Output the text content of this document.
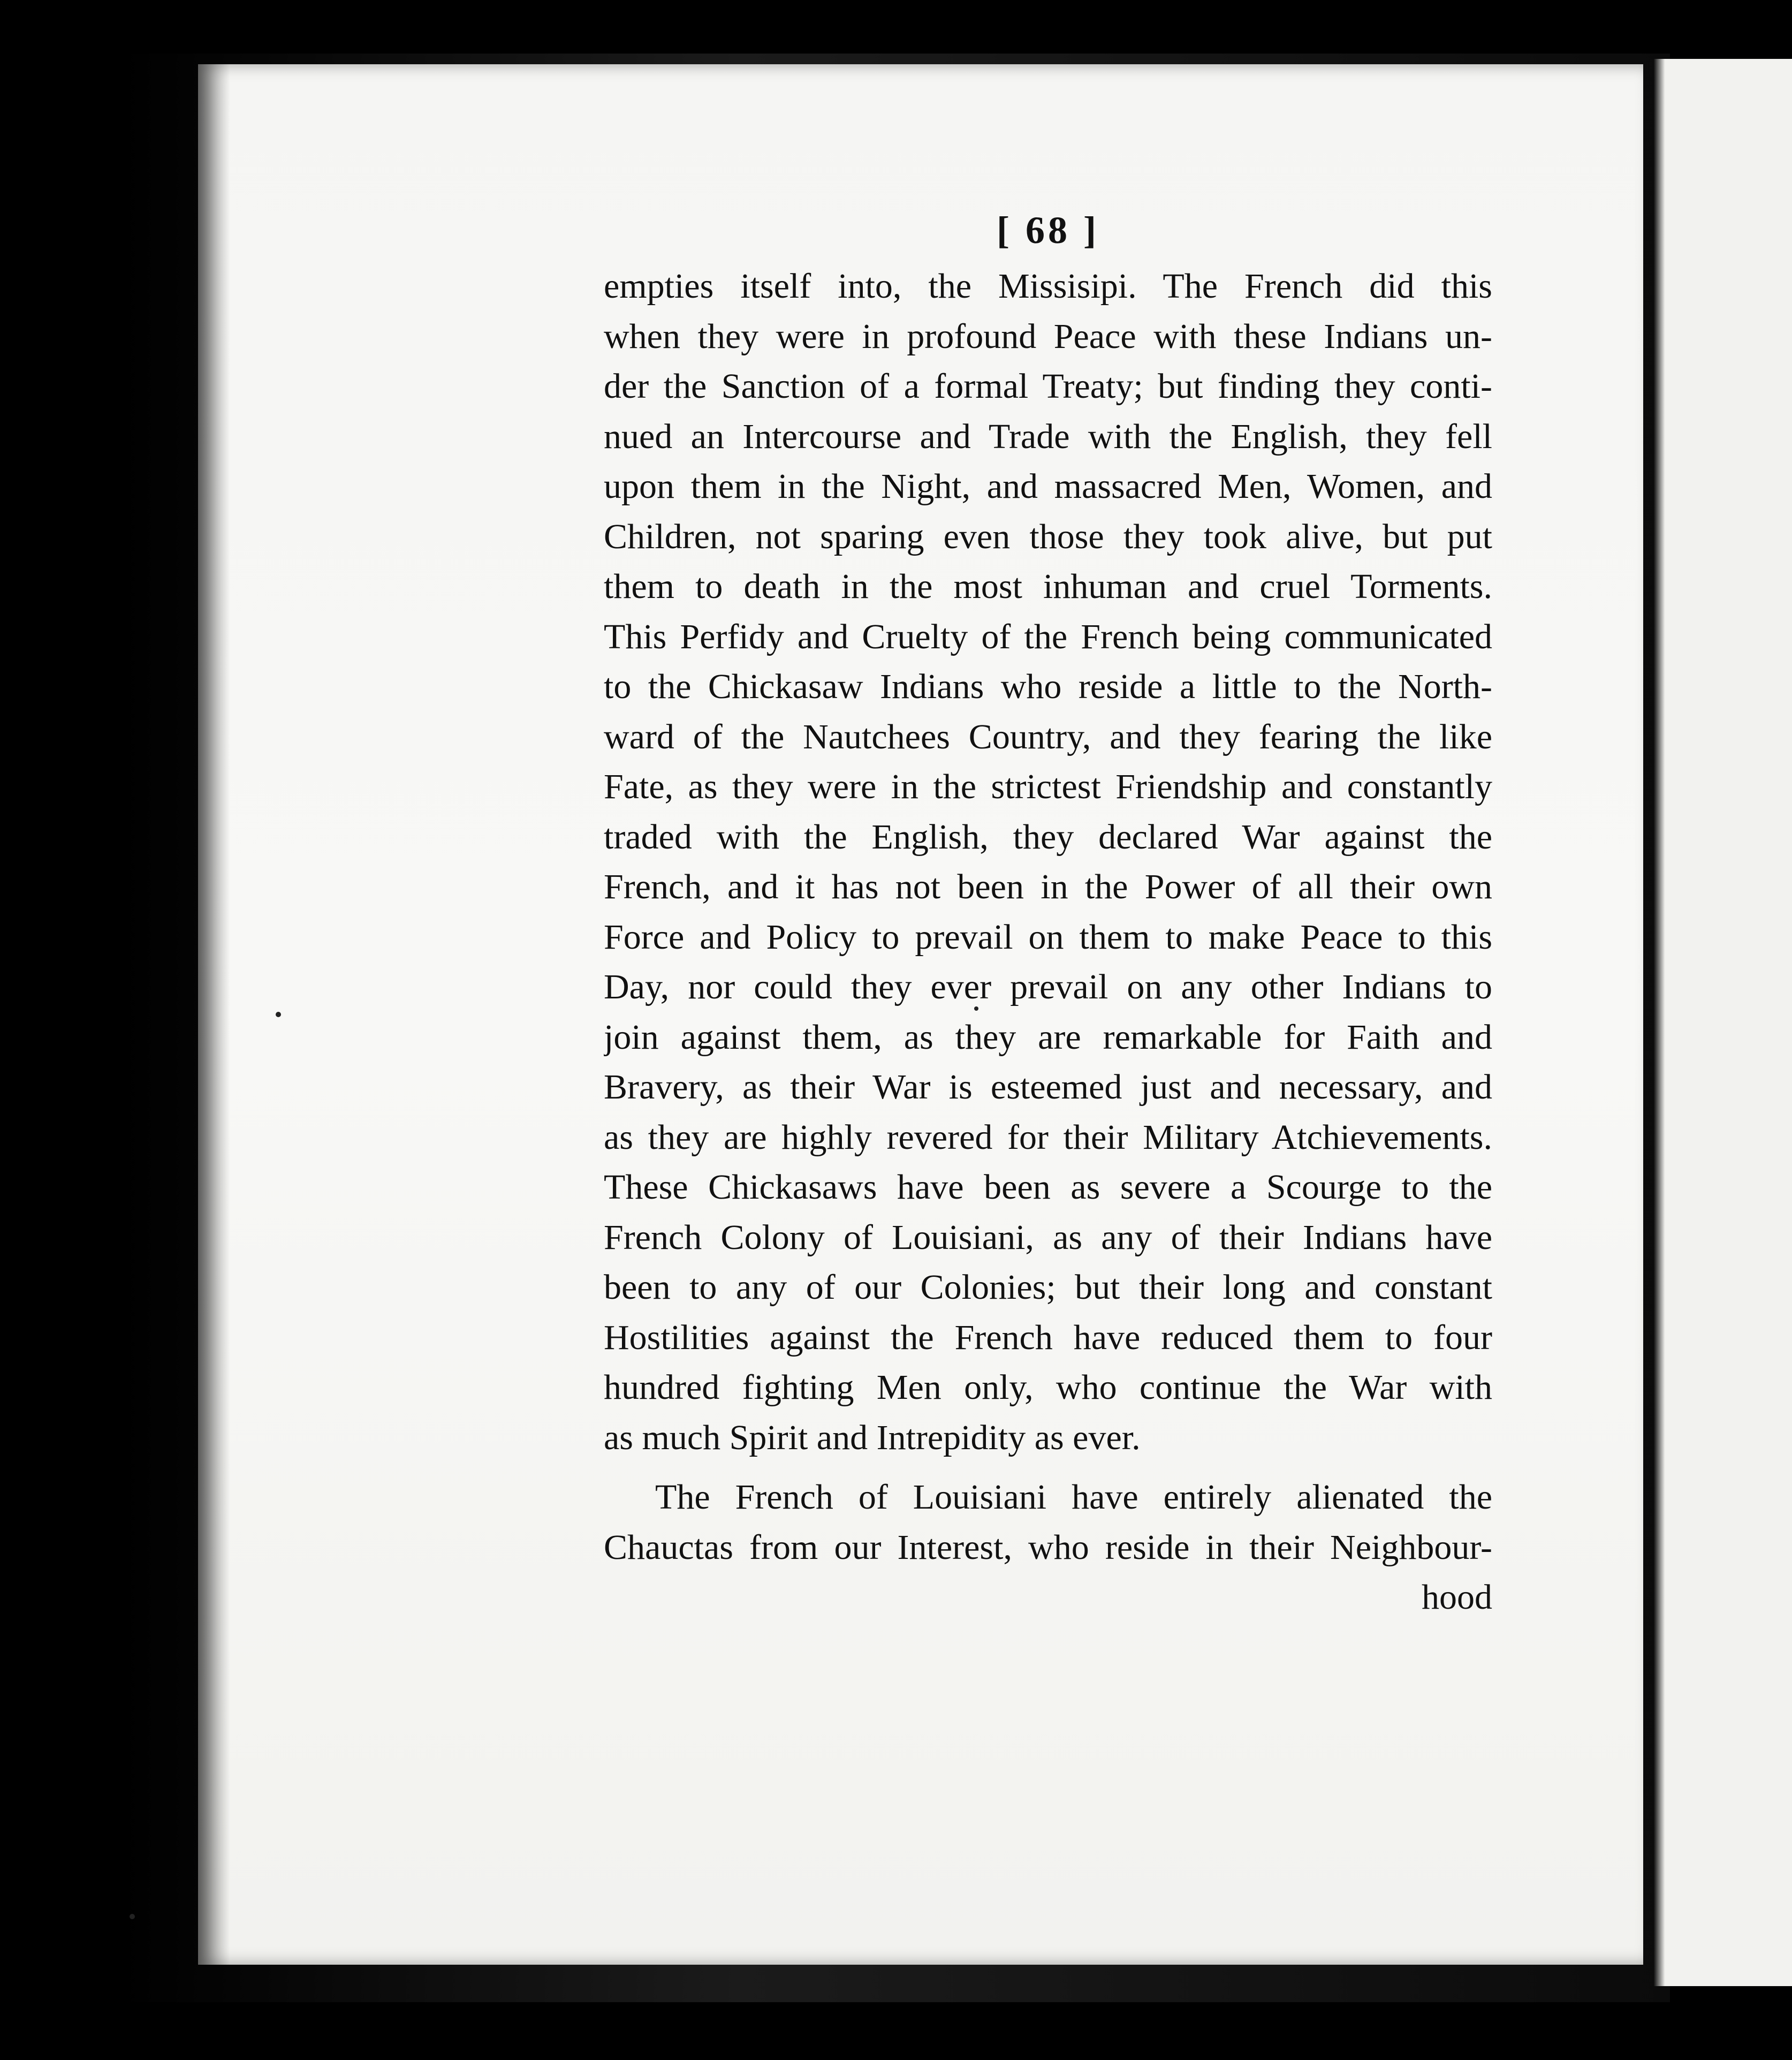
[ 68 ]
empties itself into, the Missisipi. The French did this
when they were in profound Peace with these Indians un-
der the Sanction of a formal Treaty; but finding they conti-
nued an Intercourse and Trade with the English, they fell
upon them in the Night, and massacred Men, Women, and
Children, not sparing even those they took alive, but put
them to death in the most inhuman and cruel Torments.
This Perfidy and Cruelty of the French being communicated
to the Chickasaw Indians who reside a little to the North-
ward of the Nautchees Country, and they fearing the like
Fate, as they were in the strictest Friendship and constantly
traded with the English, they declared War against the
French, and it has not been in the Power of all their own
Force and Policy to prevail on them to make Peace to this
Day, nor could they ever prevail on any other Indians to
join against them, as they are remarkable for Faith and
Bravery, as their War is esteemed just and necessary, and
as they are highly revered for their Military Atchievements.
These Chickasaws have been as severe a Scourge to the
French Colony of Louisiani, as any of their Indians have
been to any of our Colonies; but their long and constant
Hostilities against the French have reduced them to four
hundred fighting Men only, who continue the War with
as much Spirit and Intrepidity as ever.
The French of Louisiani have entirely alienated the
Chauctas from our Interest, who reside in their Neighbour-
hood
